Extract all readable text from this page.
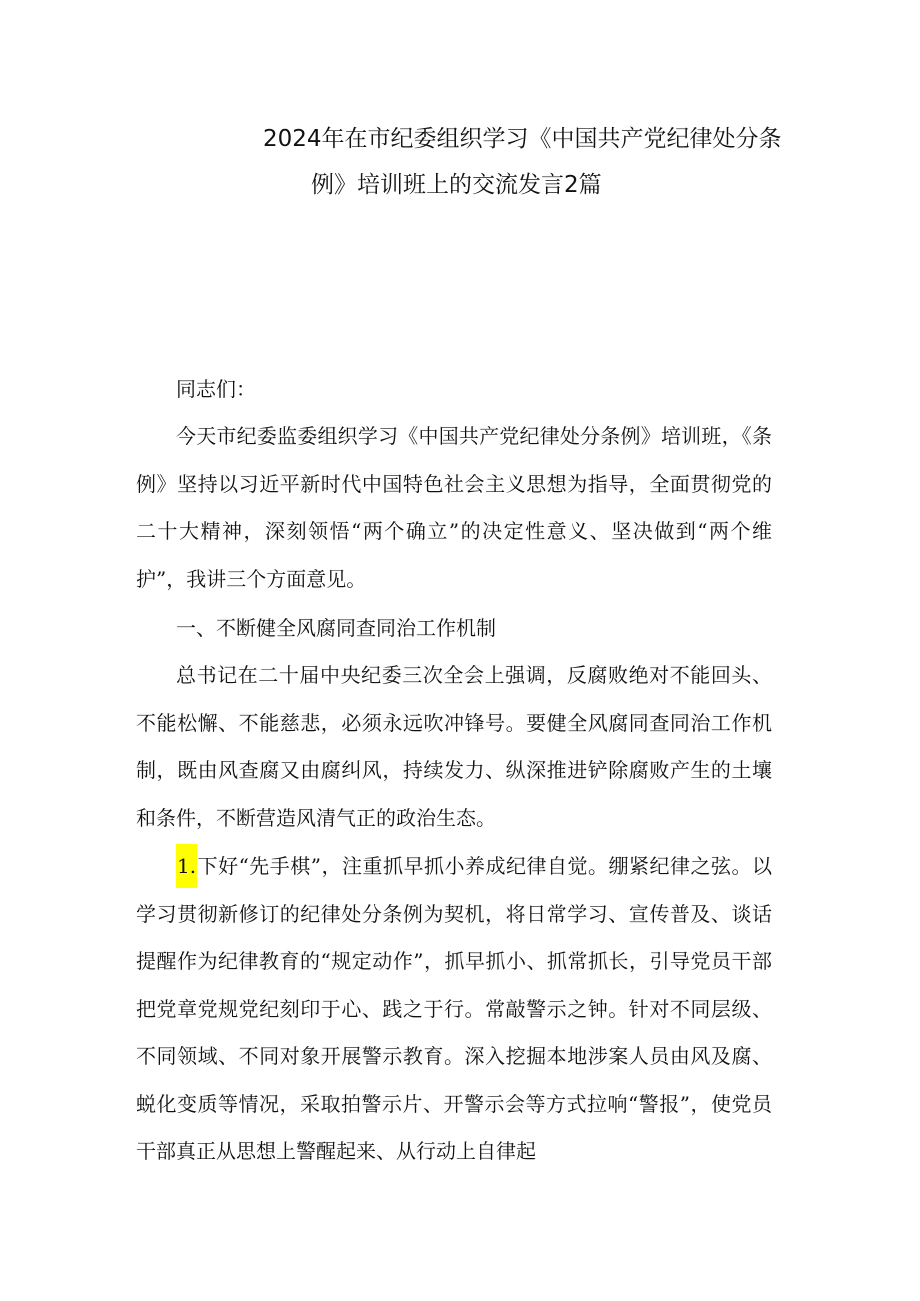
2024年在市纪委组织学习《中国共产党纪律处分条
例》培训班上的交流发言2篇

同志们：

今天市纪委监委组织学习《中国共产党纪律处分条例》培训班，《条例》坚持以习近平新时代中国特色社会主义思想为指导，全面贯彻党的二十大精神，深刻领悟“两个确立”的决定性意义、坚决做到“两个维护”，我讲三个方面意见。

一、不断健全风腐同查同治工作机制

总书记在二十届中央纪委三次全会上强调，反腐败绝对不能回头、不能松懈、不能慈悲，必须永远吹冲锋号。要健全风腐同查同治工作机制，既由风查腐又由腐纠风，持续发力、纵深推进铲除腐败产生的土壤和条件，不断营造风清气正的政治生态。

1.下好“先手棋”，注重抓早抓小养成纪律自觉。绷紧纪律之弦。以学习贯彻新修订的纪律处分条例为契机，将日常学习、宣传普及、谈话提醒作为纪律教育的“规定动作”，抓早抓小、抓常抓长，引导党员干部把党章党规党纪刻印于心、践之于行。常敲警示之钟。针对不同层级、不同领域、不同对象开展警示教育。深入挖掘本地涉案人员由风及腐、蜕化变质等情况，采取拍警示片、开警示会等方式拉响“警报”，使党员干部真正从思想上警醒起来、从行动上自律起
